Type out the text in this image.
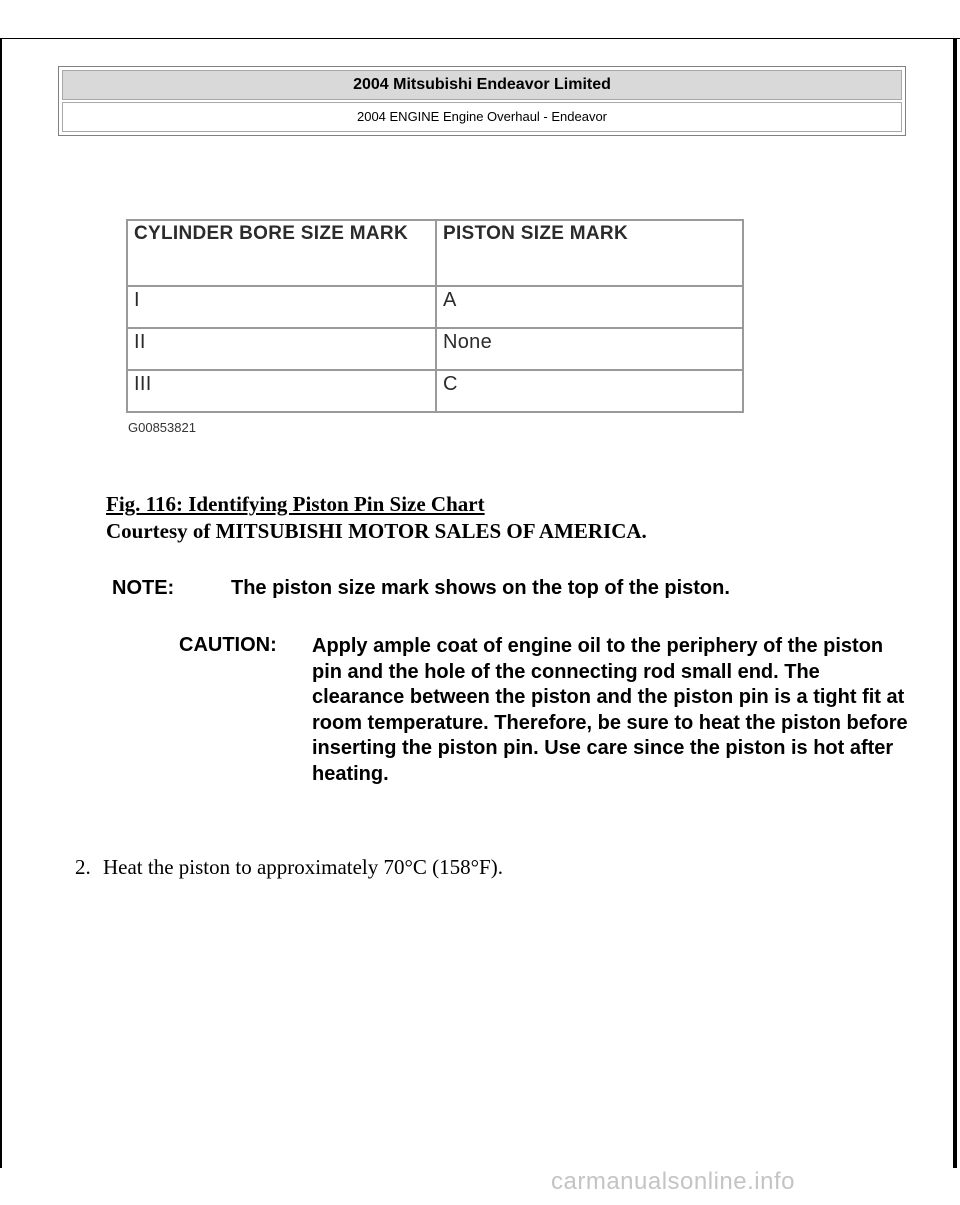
2004 Mitsubishi Endeavor Limited
2004 ENGINE Engine Overhaul - Endeavor
CYLINDER BORE SIZE MARK	PISTON SIZE MARK
I	A
II	None
III	C
G00853821
Fig. 116: Identifying Piston Pin Size Chart
Courtesy of MITSUBISHI MOTOR SALES OF AMERICA.
NOTE:	The piston size mark shows on the top of the piston.
CAUTION: Apply ample coat of engine oil to the periphery of the piston pin and the hole of the connecting rod small end. The clearance between the piston and the piston pin is a tight fit at room temperature. Therefore, be sure to heat the piston before inserting the piston pin. Use care since the piston is hot after heating.
2. Heat the piston to approximately 70°C (158°F).
carmanualsonline.info
